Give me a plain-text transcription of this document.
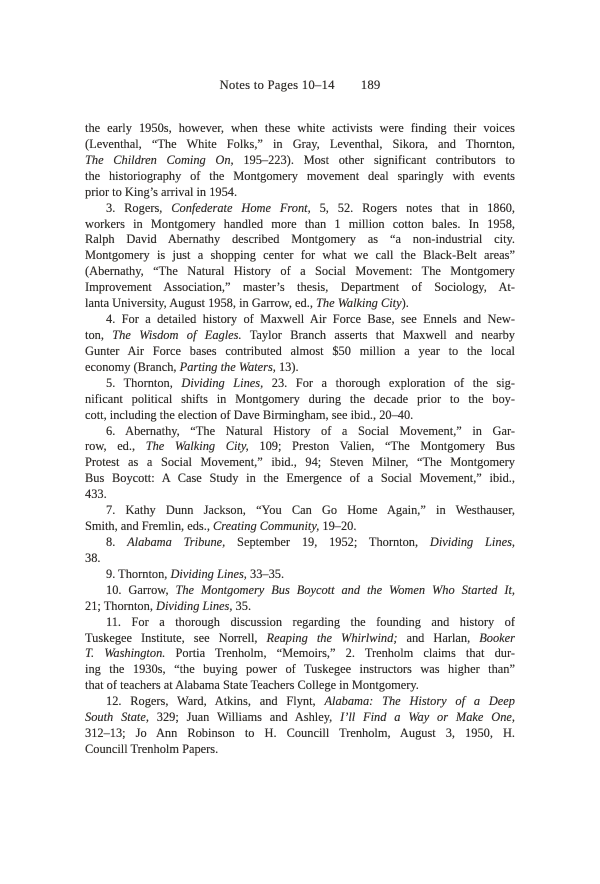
Notes to Pages 10–14 189
the early 1950s, however, when these white activists were finding their voices
(Leventhal, “The White Folks,” in Gray, Leventhal, Sikora, and Thornton,
The Children Coming On, 195–223). Most other significant contributors to
the historiography of the Montgomery movement deal sparingly with events
prior to King’s arrival in 1954.
3. Rogers, Confederate Home Front, 5, 52. Rogers notes that in 1860,
workers in Montgomery handled more than 1 million cotton bales. In 1958,
Ralph David Abernathy described Montgomery as “a non-industrial city.
Montgomery is just a shopping center for what we call the Black-Belt areas”
(Abernathy, “The Natural History of a Social Movement: The Montgomery
Improvement Association,” master’s thesis, Department of Sociology, At-
lanta University, August 1958, in Garrow, ed., The Walking City).
4. For a detailed history of Maxwell Air Force Base, see Ennels and New-
ton, The Wisdom of Eagles. Taylor Branch asserts that Maxwell and nearby
Gunter Air Force bases contributed almost $50 million a year to the local
economy (Branch, Parting the Waters, 13).
5. Thornton, Dividing Lines, 23. For a thorough exploration of the sig-
nificant political shifts in Montgomery during the decade prior to the boy-
cott, including the election of Dave Birmingham, see ibid., 20–40.
6. Abernathy, “The Natural History of a Social Movement,” in Gar-
row, ed., The Walking City, 109; Preston Valien, “The Montgomery Bus
Protest as a Social Movement,” ibid., 94; Steven Milner, “The Montgomery
Bus Boycott: A Case Study in the Emergence of a Social Movement,” ibid.,
433.
7. Kathy Dunn Jackson, “You Can Go Home Again,” in Westhauser,
Smith, and Fremlin, eds., Creating Community, 19–20.
8. Alabama Tribune, September 19, 1952; Thornton, Dividing Lines,
38.
9. Thornton, Dividing Lines, 33–35.
10. Garrow, The Montgomery Bus Boycott and the Women Who Started It,
21; Thornton, Dividing Lines, 35.
11. For a thorough discussion regarding the founding and history of
Tuskegee Institute, see Norrell, Reaping the Whirlwind; and Harlan, Booker
T. Washington. Portia Trenholm, “Memoirs,” 2. Trenholm claims that dur-
ing the 1930s, “the buying power of Tuskegee instructors was higher than”
that of teachers at Alabama State Teachers College in Montgomery.
12. Rogers, Ward, Atkins, and Flynt, Alabama: The History of a Deep
South State, 329; Juan Williams and Ashley, I’ll Find a Way or Make One,
312–13; Jo Ann Robinson to H. Councill Trenholm, August 3, 1950, H.
Councill Trenholm Papers.
